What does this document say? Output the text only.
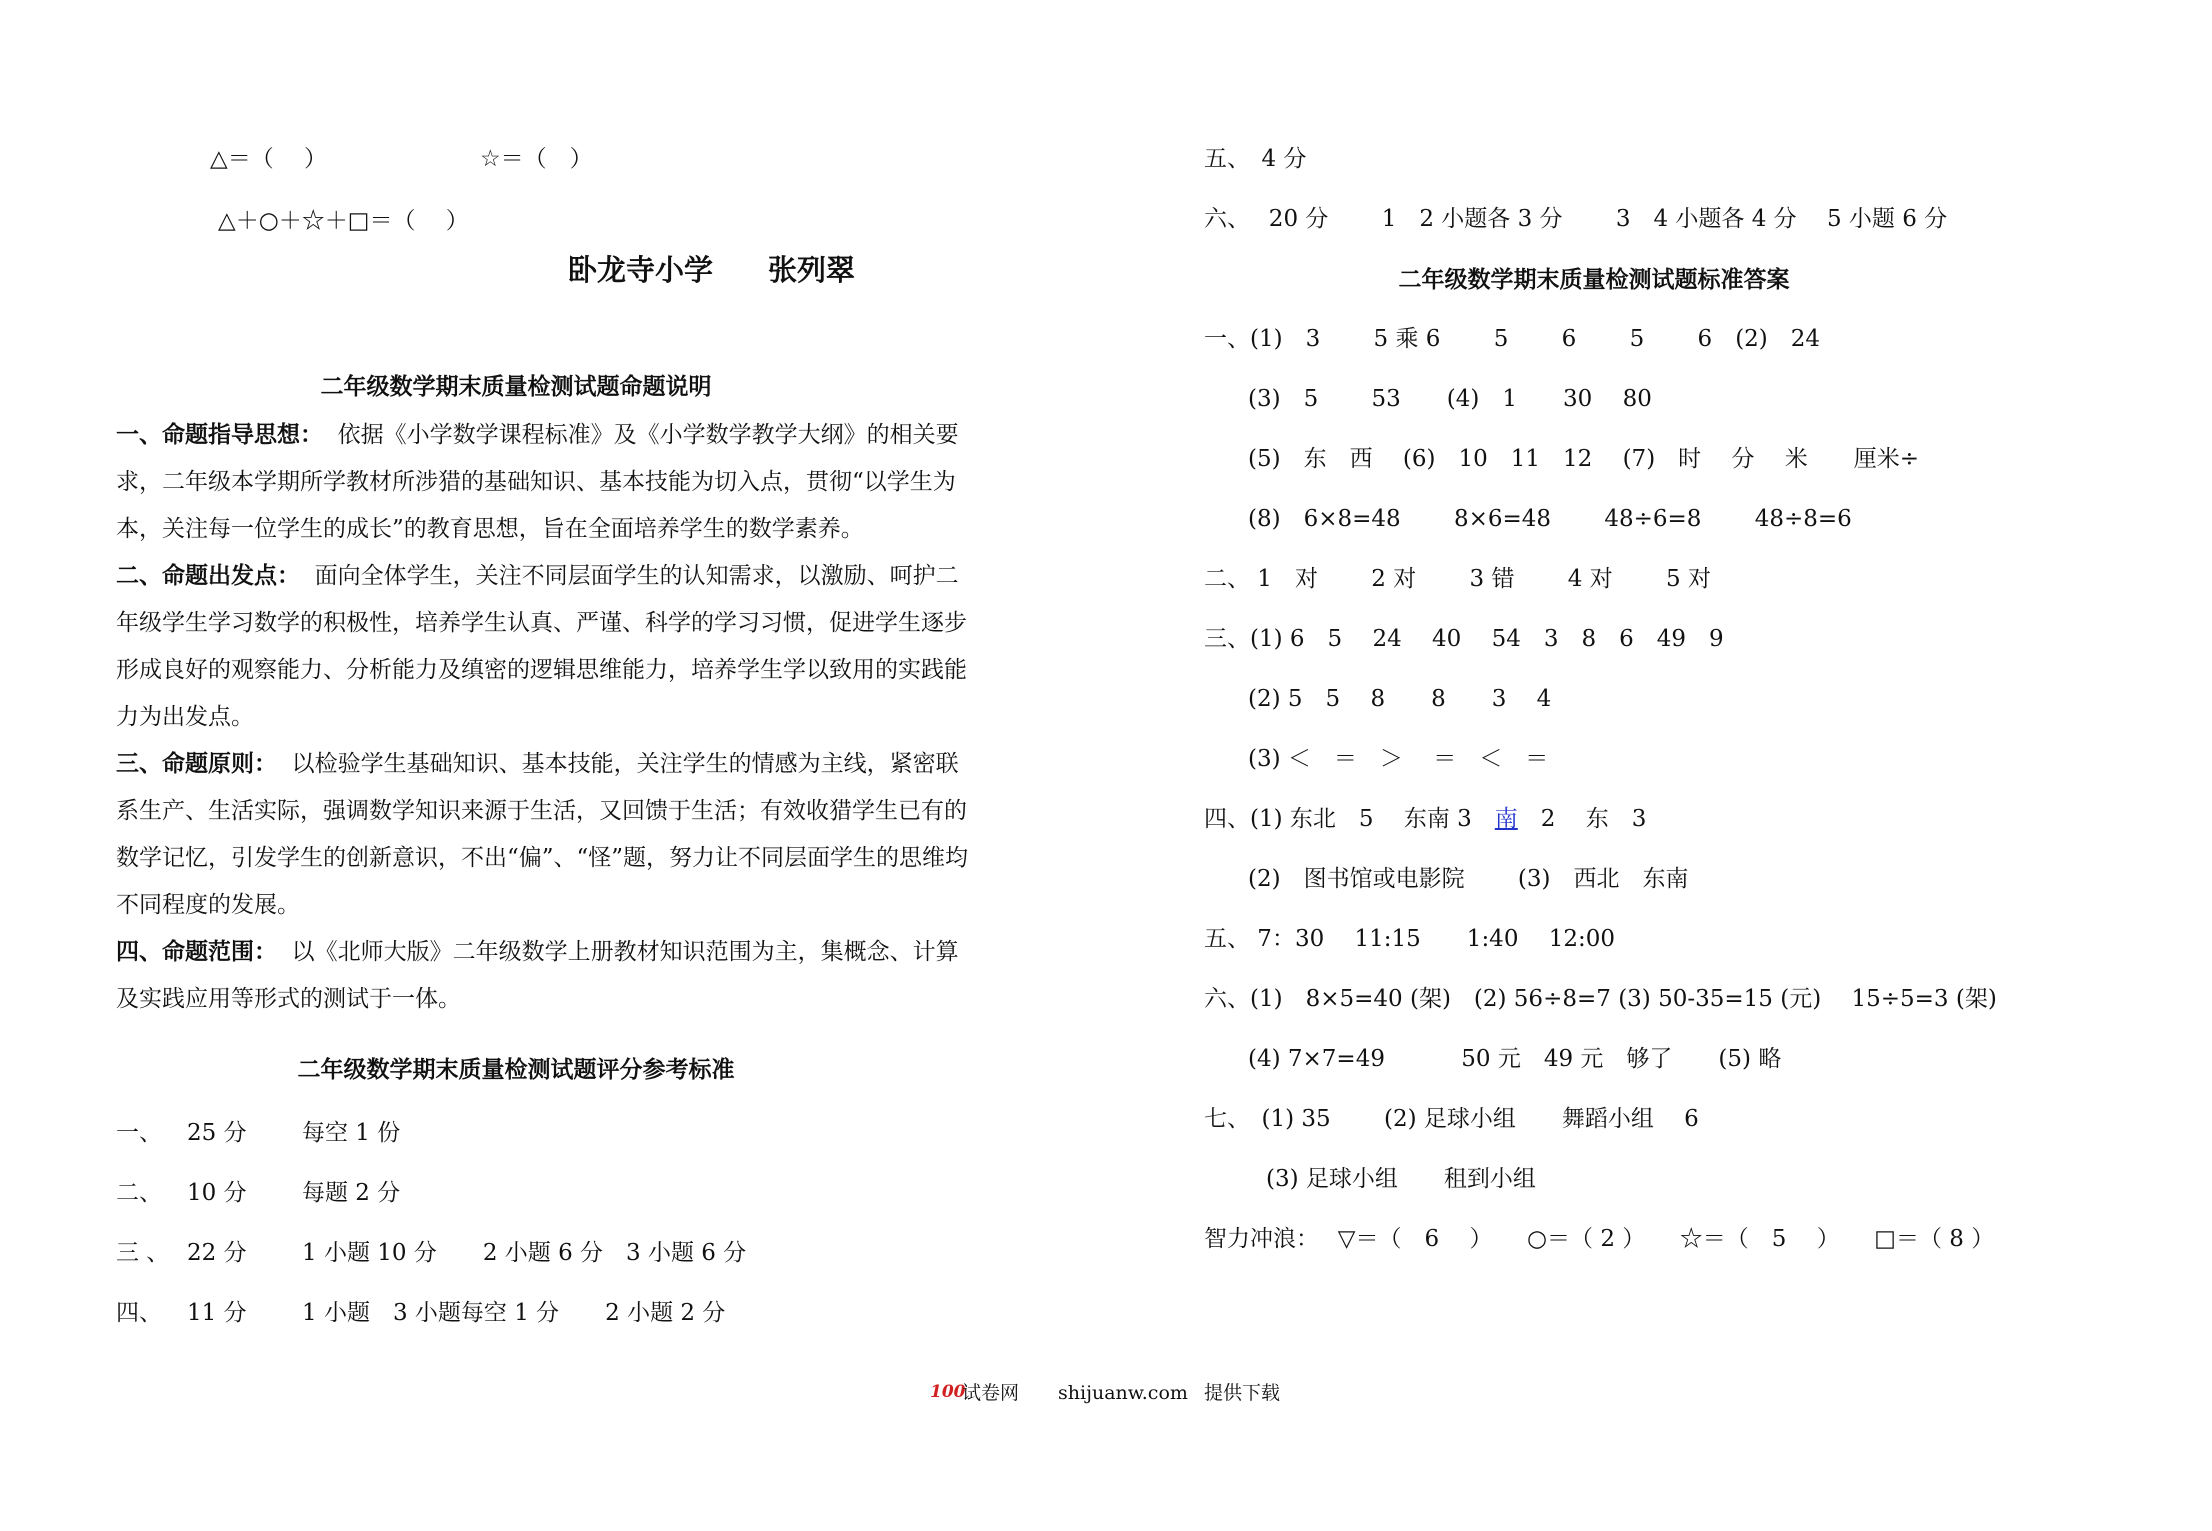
△＝（　 ）	☆＝（　）
△＋○＋☆＋□＝（　 ）
卧龙寺小学 张列翠
二年级数学期末质量检测试题命题说明
一、命题指导思想： 依据《小学数学课程标准》及《小学数学教学大纲》的相关要
求，二年级本学期所学教材所涉猎的基础知识、基本技能为切入点，贯彻“以学生为
本，关注每一位学生的成长”的教育思想，旨在全面培养学生的数学素养。
二、命题出发点： 面向全体学生，关注不同层面学生的认知需求，以激励、呵护二
年级学生学习数学的积极性，培养学生认真、严谨、科学的学习习惯，促进学生逐步
形成良好的观察能力、分析能力及缜密的逻辑思维能力，培养学生学以致用的实践能
力为出发点。
三、命题原则： 以检验学生基础知识、基本技能，关注学生的情感为主线，紧密联
系生产、生活实际，强调数学知识来源于生活，又回馈于生活；有效收猎学生已有的
数学记忆，引发学生的创新意识，不出“偏”、“怪”题，努力让不同层面学生的思维均
不同程度的发展。
四、命题范围： 以《北师大版》二年级数学上册教材知识范围为主，集概念、计算
及实践应用等形式的测试于一体。
二年级数学期末质量检测试题评分参考标准
一、 25 分 每空 1 份
二、 10 分 每题 2 分
三 、 22 分 1 小题 10 分　　2 小题 6 分　3 小题 6 分
四、 11 分 1 小题　3 小题每空 1 分　　2 小题 2 分
五、　4 分
六、　 20 分　　 1　2 小题各 3 分　　 3　4 小题各 4 分　 5 小题 6 分
二年级数学期末质量检测试题标准答案
一、(1)　3　　 5 乘 6　　 5　　 6　　 5　　 6　(2)　24
(3)　5　　 53　　(4)　1　　30　 80
(5)　东　西　 (6)　10　11　12　 (7)　时　 分　 米　　厘米÷
(8)　6×8=48　　 8×6=48　　 48÷6=8　　 48÷8=6
二、 1　对　　 2 对　　 3 错　　 4 对　　 5 对
三、(1) 6　5　 24　 40　 54　3　8　6　49　9
(2) 5　5　 8　　8　　3　 4
(3) ＜　＝　＞　 ＝　＜　＝
四、(1) 东北　5　 东南 3　南　2　 东　3
(2)　图书馆或电影院　　 (3)　西北　东南
五、 7：30　 11:15　　1:40　 12:00
六、(1)　8×5=40 (架)　(2) 56÷8=7 (3) 50-35=15 (元)　 15÷5=3 (架)
(4) 7×7=49　　　 50 元　49 元　够了　　(5) 略
七、　(1) 35　　 (2) 足球小组　　舞蹈小组　 6
(3) 足球小组　　租到小组
智力冲浪：　 ▽＝（　6　 ）　　○＝（ 2 ）　　☆＝（　5　 ）　　□＝（ 8 ）
100
试卷网 shijuanw.com 提供下载
